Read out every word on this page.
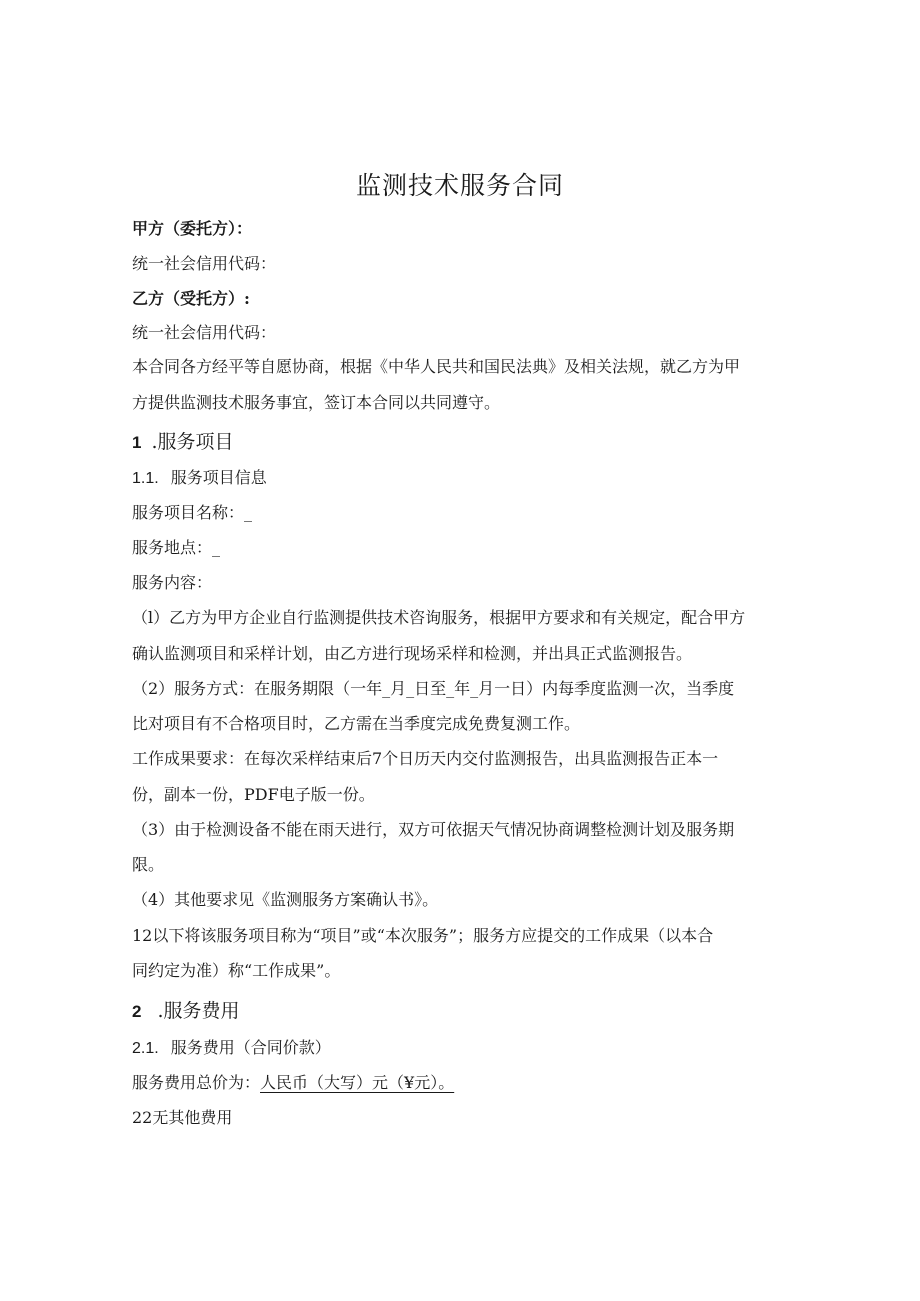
监测技术服务合同
甲方（委托方）：
统一社会信用代码：
乙方（受托方）:
统一社会信用代码：
本合同各方经平等自愿协商，根据《中华人民共和国民法典》及相关法规，就乙方为甲
方提供监测技术服务事宜，签订本合同以共同遵守。
1 .服务项目
1.1. 服务项目信息
服务项目名称：_
服务地点：_
服务内容：
（l）乙方为甲方企业自行监测提供技术咨询服务，根据甲方要求和有关规定，配合甲方
确认监测项目和采样计划，由乙方进行现场采样和检测，并出具正式监测报告。
（2）服务方式：在服务期限（一年_月_日至_年_月一日）内每季度监测一次，当季度
比对项目有不合格项目时，乙方需在当季度完成免费复测工作。
工作成果要求：在每次采样结束后7个日历天内交付监测报告，出具监测报告正本一
份，副本一份，PDF电子版一份。
（3）由于检测设备不能在雨天进行，双方可依据天气情况协商调整检测计划及服务期
限。
（4）其他要求见《监测服务方案确认书》。
12以下将该服务项目称为“项目”或“本次服务”；服务方应提交的工作成果（以本合
同约定为准）称“工作成果”。
2 .服务费用
2.1. 服务费用（合同价款）
服务费用总价为：人民币（大写）元（¥元）。
22无其他费用
